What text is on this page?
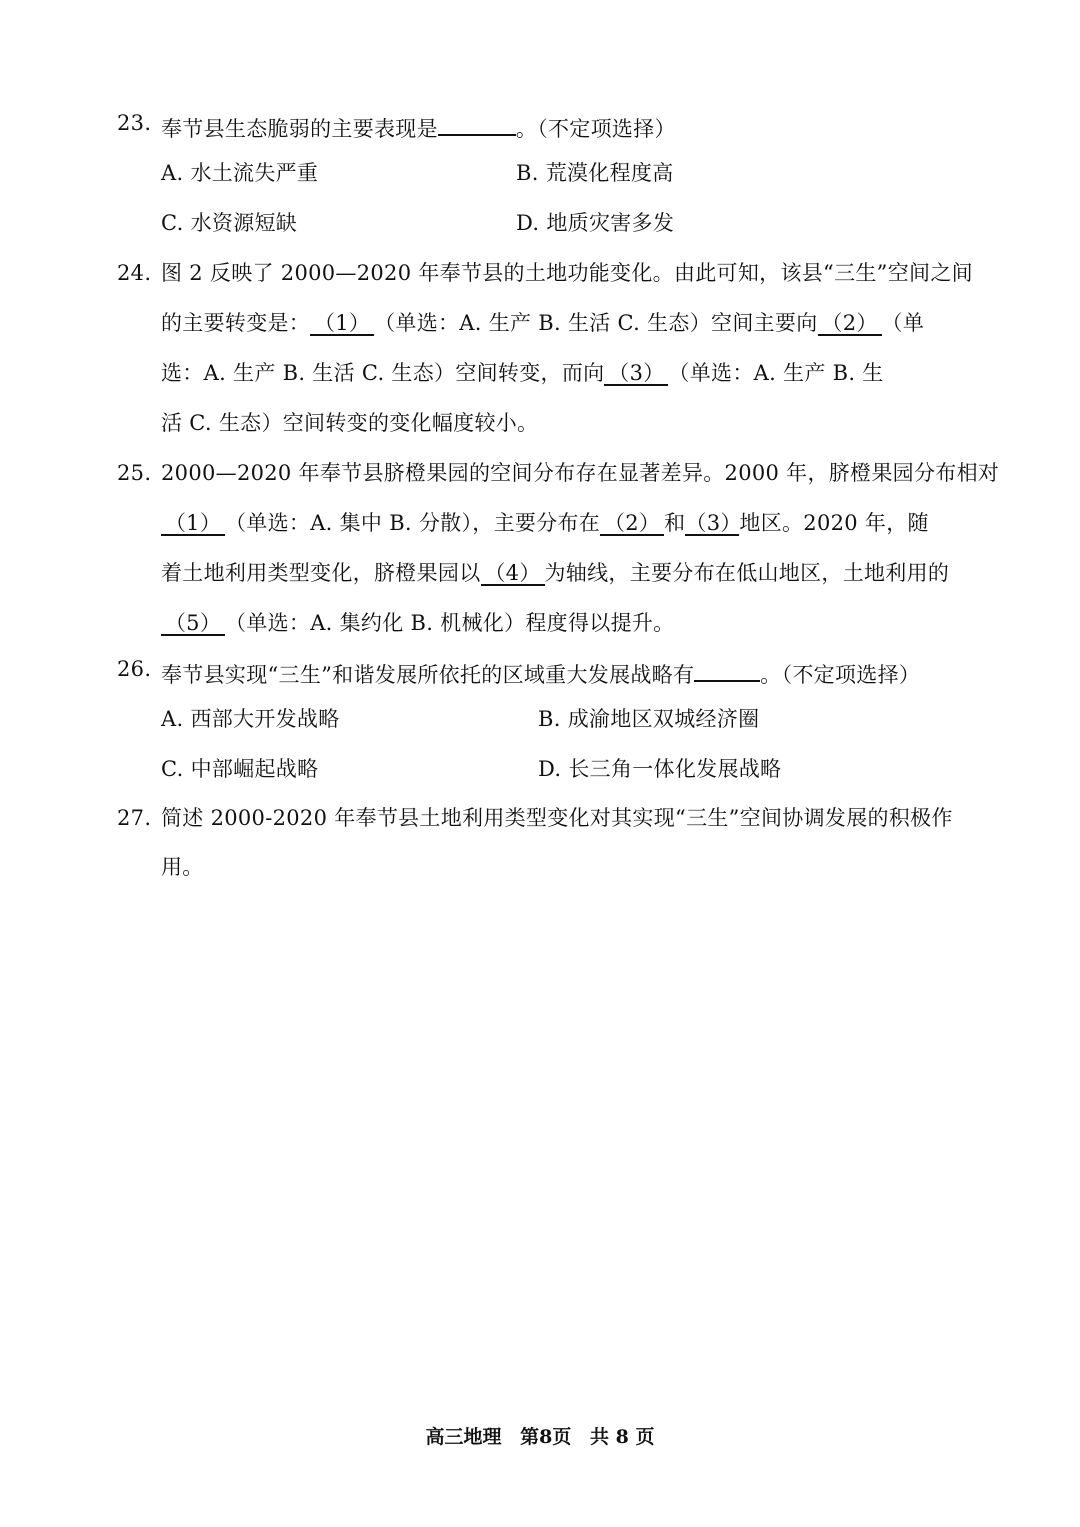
23. 奉节县生态脆弱的主要表现是	。（不定项选择）
A. 水土流失严重	B. 荒漠化程度高
C. 水资源短缺	D. 地质灾害多发
24. 图 2 反映了 2000—2020 年奉节县的土地功能变化。由此可知，该县“三生”空间之间
的主要转变是： （1） （单选：A. 生产 B. 生活 C. 生态）空间主要向 （2） （单
选：A. 生产 B. 生活 C. 生态）空间转变，而向 （3） （单选：A. 生产 B. 生
活 C. 生态）空间转变的变化幅度较小。
25. 2000—2020 年奉节县脐橙果园的空间分布存在显著差异。2000 年，脐橙果园分布相对
（1） （单选：A. 集中 B. 分散），主要分布在 （2） 和（3）地区。2020 年，随
着土地利用类型变化，脐橙果园以 （4） 为轴线，主要分布在低山地区，土地利用的
（5） （单选：A. 集约化 B. 机械化）程度得以提升。
26. 奉节县实现“三生”和谐发展所依托的区域重大发展战略有	。（不定项选择）
A. 西部大开发战略	B. 成渝地区双城经济圈
C. 中部崛起战略	D. 长三角一体化发展战略
27. 简述 2000-2020 年奉节县土地利用类型变化对其实现“三生”空间协调发展的积极作
用。
高三地理 第8页 共 8 页
